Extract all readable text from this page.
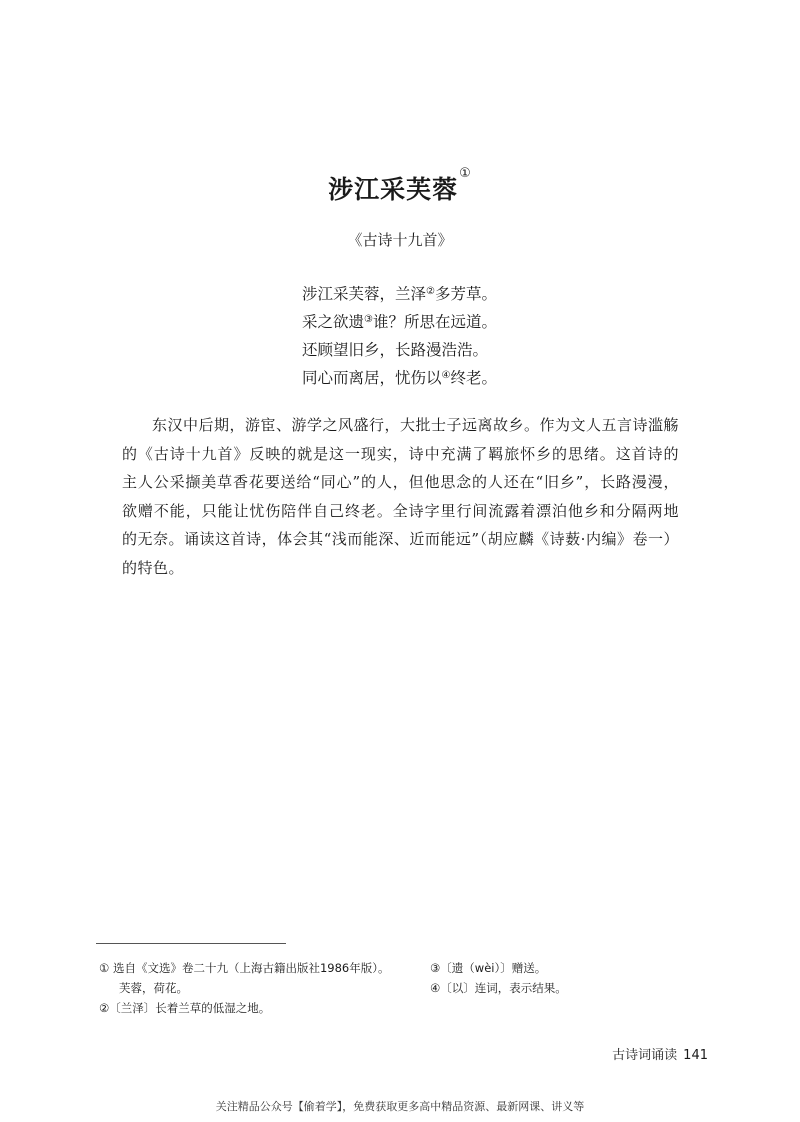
涉江采芙蓉①
《古诗十九首》
涉江采芙蓉，兰泽②多芳草。
采之欲遗③谁？所思在远道。
还顾望旧乡，长路漫浩浩。
同心而离居，忧伤以④终老。
东汉中后期，游宦、游学之风盛行，大批士子远离故乡。作为文人五言诗滥觞的《古诗十九首》反映的就是这一现实，诗中充满了羁旅怀乡的思绪。这首诗的主人公采撷美草香花要送给“同心”的人，但他思念的人还在“旧乡”，长路漫漫，欲赠不能，只能让忧伤陪伴自己终老。全诗字里行间流露着漂泊他乡和分隔两地的无奈。诵读这首诗，体会其“浅而能深、近而能远”（胡应麟《诗薮·内编》卷一）的特色。
① 选自《文选》卷二十九（上海古籍出版社1986年版）。
芙蓉，荷花。
②〔兰泽〕长着兰草的低湿之地。
③〔遗（wèi）〕赠送。
④〔以〕连词，表示结果。
古诗词诵读 141
关注精品公众号【偷着学】，免费获取更多高中精品资源、最新网课、讲义等
